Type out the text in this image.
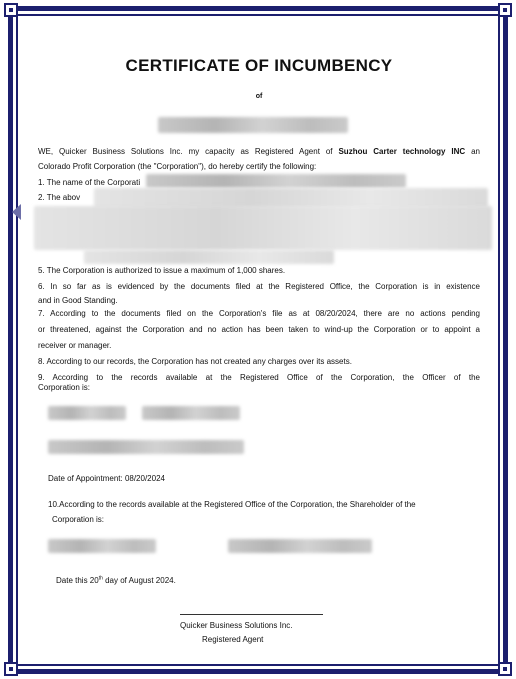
CERTIFICATE OF INCUMBENCY
of
WE, Quicker Business Solutions Inc. my capacity as Registered Agent of Suzhou Carter technology INC an
Colorado Profit Corporation (the "Corporation"), do hereby certify the following:
1. The name of the Corporati
2. The abov
5. The Corporation is authorized to issue a maximum of 1,000 shares.
6. In so far as is evidenced by the documents filed at the Registered Office, the Corporation is in existence
and in Good Standing.
7. According to the documents filed on the Corporation's file as at 08/20/2024, there are no actions pending
or threatened, against the Corporation and no action has been taken to wind-up the Corporation or to appoint a
receiver or manager.
8. According to our records, the Corporation has not created any charges over its assets.
9. According to the records available at the Registered Office of the Corporation, the Officer of the
Corporation is:
Date of Appointment: 08/20/2024
10.According to the records available at the Registered Office of the Corporation, the Shareholder of the
Corporation is:
Date this 20th day of August 2024.
Quicker Business Solutions Inc.
Registered Agent
